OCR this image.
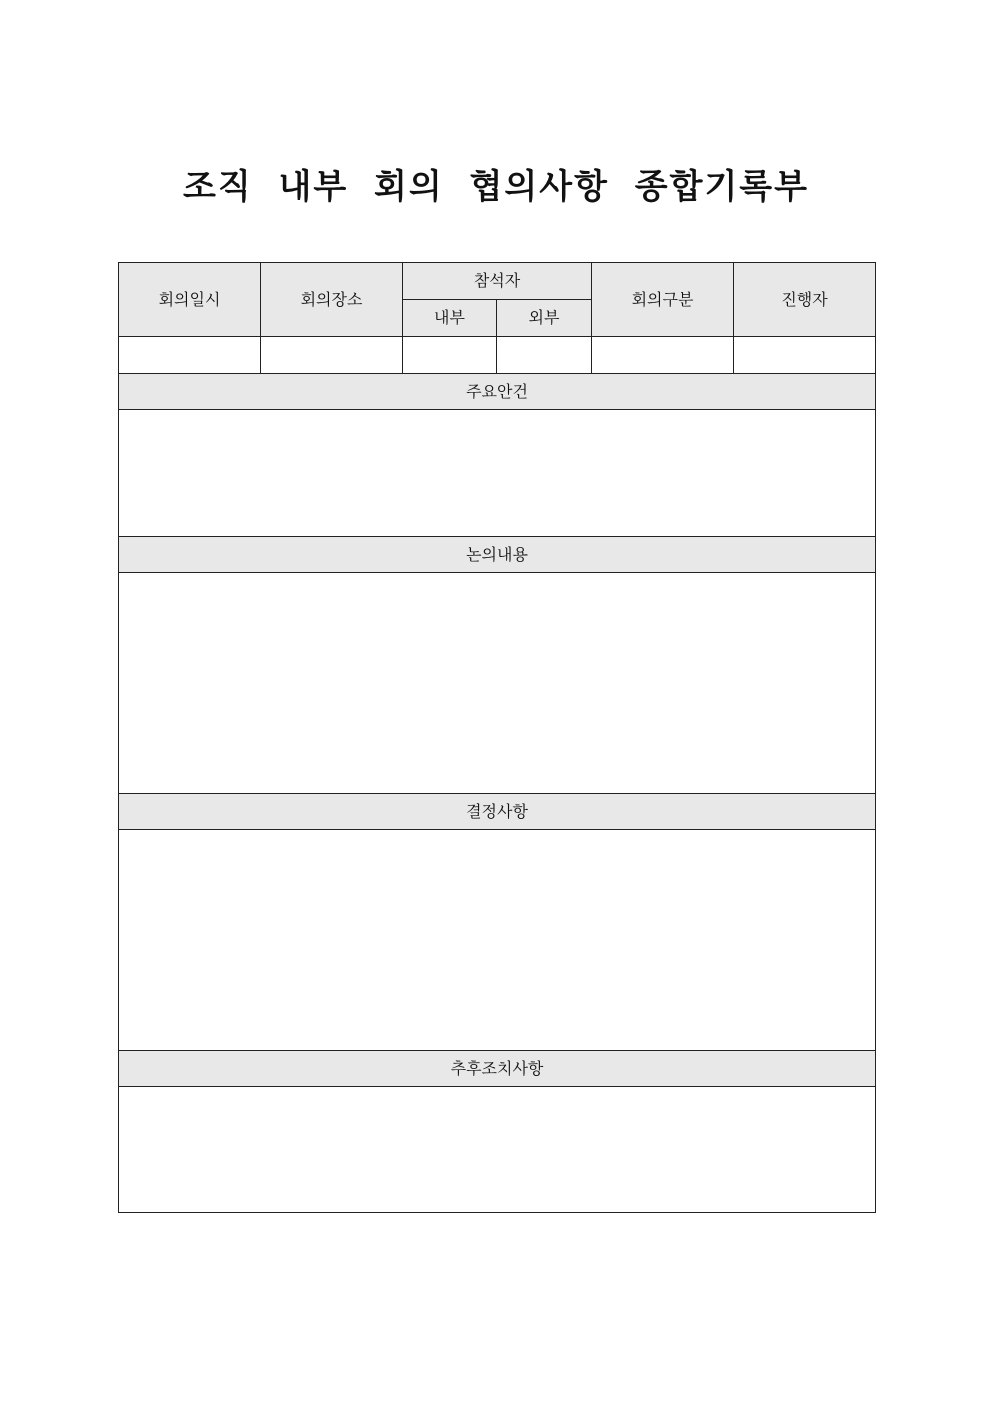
조직 내부 회의 협의사항 종합기록부
회의일시	회의장소	참석자		회의구분	진행자
		내부	외부		

주요안건					

논의내용					

결정사항					

추후조치사항					
